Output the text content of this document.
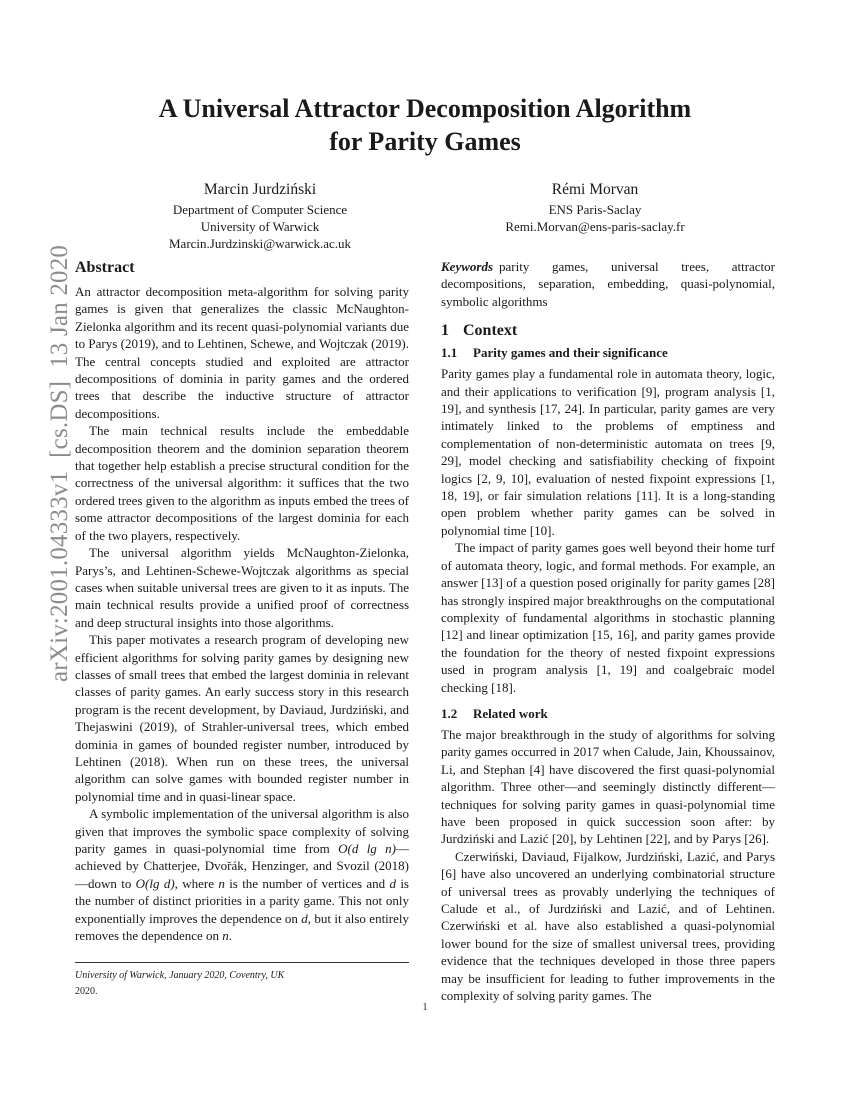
A Universal Attractor Decomposition Algorithm
for Parity Games
Marcin Jurdziński
Department of Computer Science
University of Warwick
Marcin.Jurdzinski@warwick.ac.uk
Rémi Morvan
ENS Paris-Saclay
Remi.Morvan@ens-paris-saclay.fr
arXiv:2001.04333v1  [cs.DS]  13 Jan 2020 Abstract

An attractor decomposition meta-algorithm for solving parity games is given that generalizes the classic McNaughton-Zielonka algorithm and its recent quasi-polynomial variants due to Parys (2019), and to Lehtinen, Schewe, and Wojtczak (2019). The central concepts studied and exploited are attractor decompositions of dominia in parity games and the ordered trees that describe the inductive structure of attractor decompositions.

The main technical results include the embeddable decomposition theorem and the dominion separation theorem that together help establish a precise structural condition for the correctness of the universal algorithm: it suffices that the two ordered trees given to the algorithm as inputs embed the trees of some attractor decompositions of the largest dominia for each of the two players, respectively.

The universal algorithm yields McNaughton-Zielonka, Parys’s, and Lehtinen-Schewe-Wojtczak algorithms as special cases when suitable universal trees are given to it as inputs. The main technical results provide a unified proof of correctness and deep structural insights into those algorithms.

This paper motivates a research program of developing new efficient algorithms for solving parity games by designing new classes of small trees that embed the largest dominia in relevant classes of parity games. An early success story in this research program is the recent development, by Daviaud, Jurdziński, and Thejaswini (2019), of Strahler-universal trees, which embed dominia in games of bounded register number, introduced by Lehtinen (2018). When run on these trees, the universal algorithm can solve games with bounded register number in polynomial time and in quasi-linear space.

A symbolic implementation of the universal algorithm is also given that improves the symbolic space complexity of solving parity games in quasi-polynomial time from O(d lg n)—achieved by Chatterjee, Dvořák, Henzinger, and Svozil (2018)—down to O(lg d), where n is the number of vertices and d is the number of distinct priorities in a parity game. This not only exponentially improves the dependence on d, but it also entirely removes the dependence on n.

Keywords parity games, universal trees, attractor decompositions, separation, embedding, quasi-polynomial, symbolic algorithms

1 Context
1.1 Parity games and their significance

Parity games play a fundamental role in automata theory, logic, and their applications to verification [9], program analysis [1, 19], and synthesis [17, 24]. In particular, parity games are very intimately linked to the problems of emptiness and complementation of non-deterministic automata on trees [9, 29], model checking and satisfiability checking of fixpoint logics [2, 9, 10], evaluation of nested fixpoint expressions [1, 18, 19], or fair simulation relations [11]. It is a long-standing open problem whether parity games can be solved in polynomial time [10].

The impact of parity games goes well beyond their home turf of automata theory, logic, and formal methods. For example, an answer [13] of a question posed originally for parity games [28] has strongly inspired major breakthroughs on the computational complexity of fundamental algorithms in stochastic planning [12] and linear optimization [15, 16], and parity games provide the foundation for the theory of nested fixpoint expressions used in program analysis [1, 19] and coalgebraic model checking [18].

1.2 Related work

The major breakthrough in the study of algorithms for solving parity games occurred in 2017 when Calude, Jain, Khoussainov, Li, and Stephan [4] have discovered the first quasi-polynomial algorithm. Three other—and seemingly distinctly different—techniques for solving parity games in quasi-polynomial time have been proposed in quick succession soon after: by Jurdziński and Lazić [20], by Lehtinen [22], and by Parys [26].

Czerwiński, Daviaud, Fijalkow, Jurdziński, Lazić, and Parys [6] have also uncovered an underlying combinatorial structure of universal trees as provably underlying the techniques of Calude et al., of Jurdziński and Lazić, and of Lehtinen. Czerwiński et al. have also established a quasi-polynomial lower bound for the size of smallest universal trees, providing evidence that the techniques developed in those three papers may be insufficient for leading to futher improvements in the complexity of solving parity games. The

University of Warwick, January 2020, Coventry, UK
2020.
1
